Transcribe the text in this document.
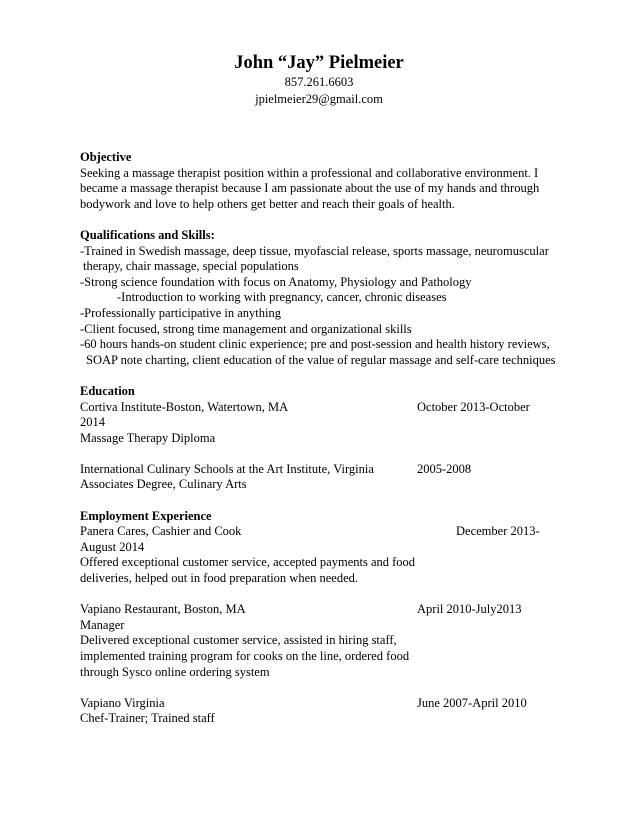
John “Jay” Pielmeier
857.261.6603
jpielmeier29@gmail.com
Objective
Seeking a massage therapist position within a professional and collaborative environment. I
became a massage therapist because I am passionate about the use of my hands and through
bodywork and love to help others get better and reach their goals of health.
Qualifications and Skills:
-Trained in Swedish massage, deep tissue, myofascial release, sports massage, neuromuscular
therapy, chair massage, special populations
-Strong science foundation with focus on Anatomy, Physiology and Pathology
-Introduction to working with pregnancy, cancer, chronic diseases
-Professionally participative in anything
-Client focused, strong time management and organizational skills
-60 hours hands-on student clinic experience; pre and post-session and health history reviews,
SOAP note charting, client education of the value of regular massage and self-care techniques
Education
Cortiva Institute-Boston, Watertown, MA	October 2013-October
2014
Massage Therapy Diploma
International Culinary Schools at the Art Institute, Virginia	2005-2008
Associates Degree, Culinary Arts
Employment Experience
Panera Cares, Cashier and Cook	December 2013-
August 2014
Offered exceptional customer service, accepted payments and food
deliveries, helped out in food preparation when needed.
Vapiano Restaurant, Boston, MA	April 2010-July2013
Manager
Delivered exceptional customer service, assisted in hiring staff,
implemented training program for cooks on the line, ordered food
through Sysco online ordering system
Vapiano Virginia	June 2007-April 2010
Chef-Trainer; Trained staff
